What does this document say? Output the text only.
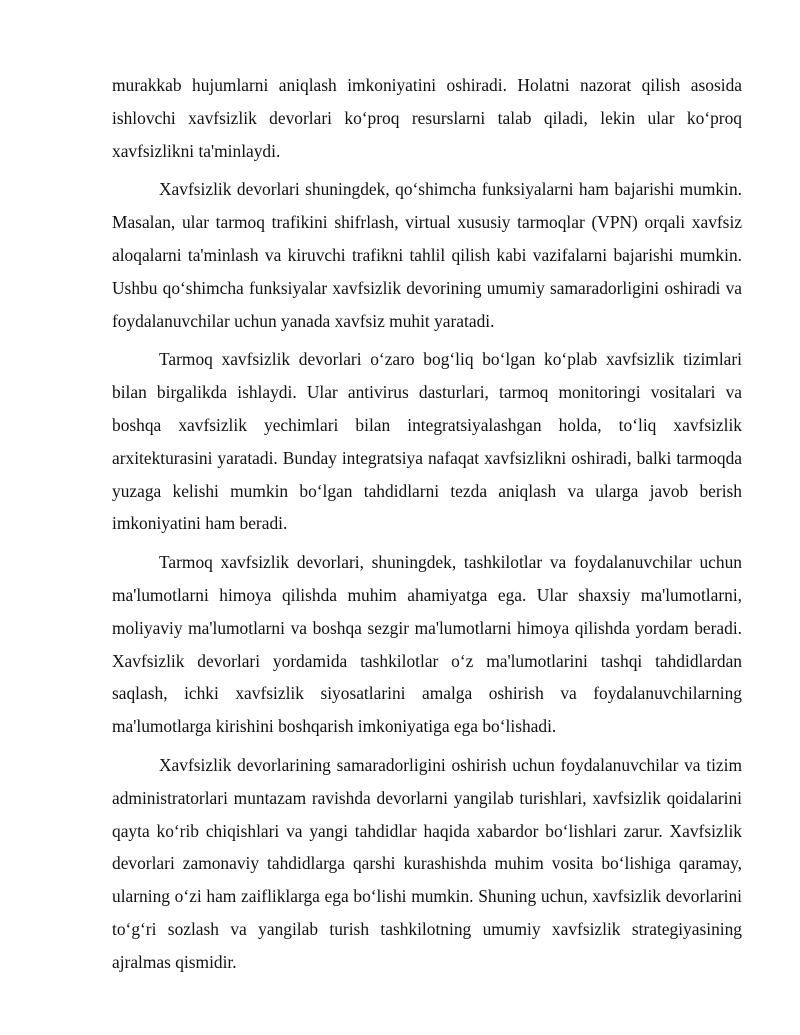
murakkab hujumlarni aniqlash imkoniyatini oshiradi. Holatni nazorat qilish asosida ishlovchi xavfsizlik devorlari ko‘proq resurslarni talab qiladi, lekin ular ko‘proq xavfsizlikni ta'minlaydi.

Xavfsizlik devorlari shuningdek, qo‘shimcha funksiyalarni ham bajarishi mumkin. Masalan, ular tarmoq trafikini shifrlash, virtual xususiy tarmoqlar (VPN) orqali xavfsiz aloqalarni ta'minlash va kiruvchi trafikni tahlil qilish kabi vazifalarni bajarishi mumkin. Ushbu qo‘shimcha funksiyalar xavfsizlik devorining umumiy samaradorligini oshiradi va foydalanuvchilar uchun yanada xavfsiz muhit yaratadi.

Tarmoq xavfsizlik devorlari o‘zaro bog‘liq bo‘lgan ko‘plab xavfsizlik tizimlari bilan birgalikda ishlaydi. Ular antivirus dasturlari, tarmoq monitoringi vositalari va boshqa xavfsizlik yechimlari bilan integratsiyalashgan holda, to‘liq xavfsizlik arxitekturasini yaratadi. Bunday integratsiya nafaqat xavfsizlikni oshiradi, balki tarmoqda yuzaga kelishi mumkin bo‘lgan tahdidlarni tezda aniqlash va ularga javob berish imkoniyatini ham beradi.

Tarmoq xavfsizlik devorlari, shuningdek, tashkilotlar va foydalanuvchilar uchun ma'lumotlarni himoya qilishda muhim ahamiyatga ega. Ular shaxsiy ma'lumotlarni, moliyaviy ma'lumotlarni va boshqa sezgir ma'lumotlarni himoya qilishda yordam beradi. Xavfsizlik devorlari yordamida tashkilotlar o‘z ma'lumotlarini tashqi tahdidlardan saqlash, ichki xavfsizlik siyosatlarini amalga oshirish va foydalanuvchilarning ma'lumotlarga kirishini boshqarish imkoniyatiga ega bo‘lishadi.

Xavfsizlik devorlarining samaradorligini oshirish uchun foydalanuvchilar va tizim administratorlari muntazam ravishda devorlarni yangilab turishlari, xavfsizlik qoidalarini qayta ko‘rib chiqishlari va yangi tahdidlar haqida xabardor bo‘lishlari zarur. Xavfsizlik devorlari zamonaviy tahdidlarga qarshi kurashishda muhim vosita bo‘lishiga qaramay, ularning o‘zi ham zaifliklarga ega bo‘lishi mumkin. Shuning uchun, xavfsizlik devorlarini to‘g‘ri sozlash va yangilab turish tashkilotning umumiy xavfsizlik strategiyasining ajralmas qismidir.
